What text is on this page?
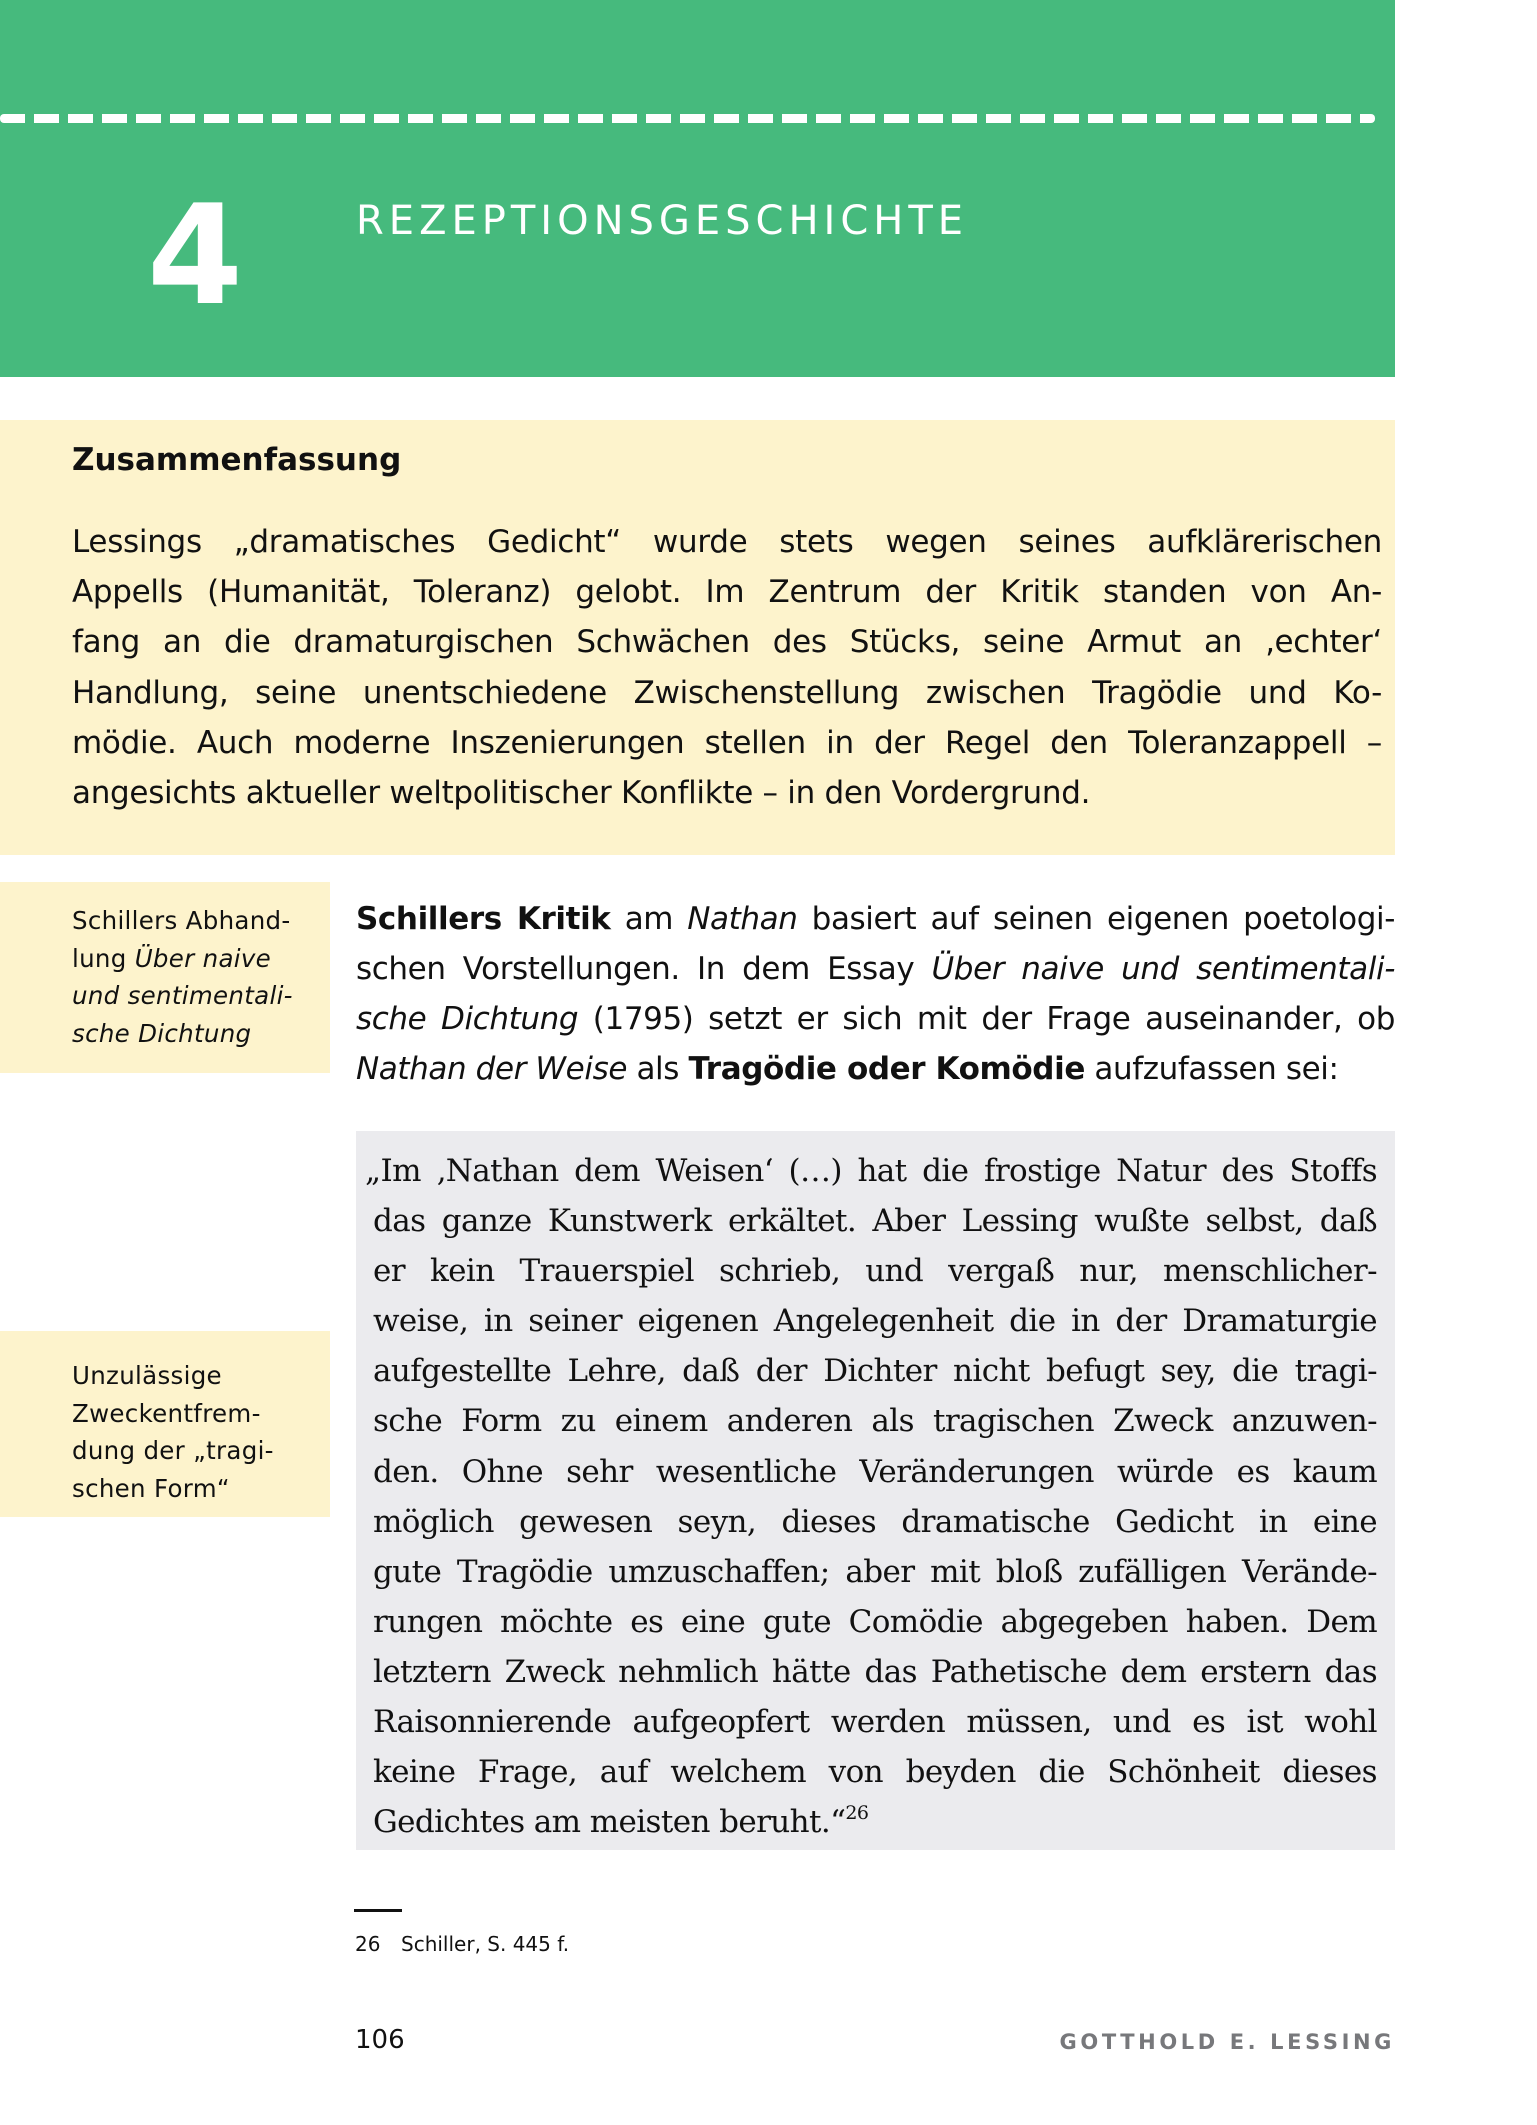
4	REZEPTIONSGESCHICHTE
Zusammenfassung
Lessings „dramatisches Gedicht“ wurde stets wegen seines aufklärerischen
Appells (Humanität, Toleranz) gelobt. Im Zentrum der Kritik standen von An-
fang an die dramaturgischen Schwächen des Stücks, seine Armut an ‚echter‘
Handlung, seine unentschiedene Zwischenstellung zwischen Tragödie und Ko-
mödie. Auch moderne Inszenierungen stellen in der Regel den Toleranzappell –
angesichts aktueller weltpolitischer Konflikte – in den Vordergrund.
Schillers Abhand-
lung Über naive
und sentimentali-
sche Dichtung
Unzulässige
Zweckentfrem-
dung der „tragi-
schen Form“
Schillers Kritik am Nathan basiert auf seinen eigenen poetologi-
schen Vorstellungen. In dem Essay Über naive und sentimentali-
sche Dichtung (1795) setzt er sich mit der Frage auseinander, ob
Nathan der Weise als Tragödie oder Komödie aufzufassen sei:
„Im ‚Nathan dem Weisen‘ (…) hat die frostige Natur des Stoffs
das ganze Kunstwerk erkältet. Aber Lessing wußte selbst, daß
er kein Trauerspiel schrieb, und vergaß nur, menschlicher-
weise, in seiner eigenen Angelegenheit die in der Dramaturgie
aufgestellte Lehre, daß der Dichter nicht befugt sey, die tragi-
sche Form zu einem anderen als tragischen Zweck anzuwen-
den. Ohne sehr wesentliche Veränderungen würde es kaum
möglich gewesen seyn, dieses dramatische Gedicht in eine
gute Tragödie umzuschaffen; aber mit bloß zufälligen Verände-
rungen möchte es eine gute Comödie abgegeben haben. Dem
letztern Zweck nehmlich hätte das Pathetische dem erstern das
Raisonnierende aufgeopfert werden müssen, und es ist wohl
keine Frage, auf welchem von beyden die Schönheit dieses
Gedichtes am meisten beruht.“$^{26}$
26 Schiller, S. 445 f.
106	GOTTHOLD E. LESSING
